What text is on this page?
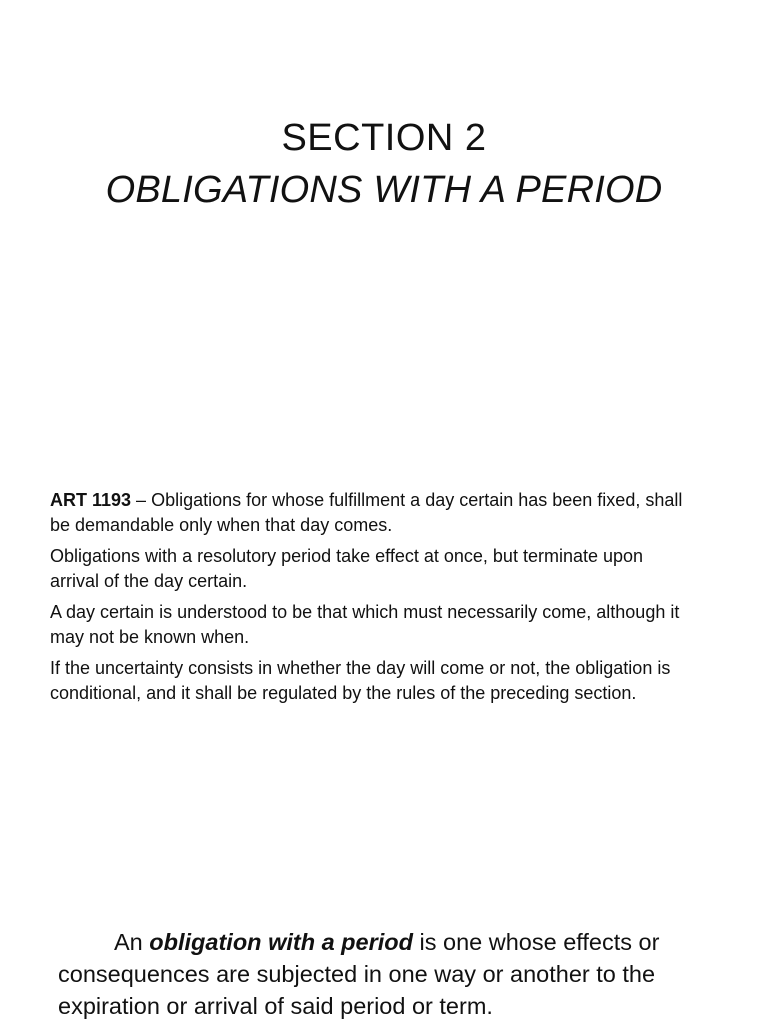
SECTION 2
OBLIGATIONS WITH A PERIOD

ART 1193 – Obligations for whose fulfillment a day certain has been fixed, shall be demandable only when that day comes.

Obligations with a resolutory period take effect at once, but terminate upon arrival of the day certain.

A day certain is understood to be that which must necessarily come, although it may not be known when.

If the uncertainty consists in whether the day will come or not, the obligation is conditional, and it shall be regulated by the rules of the preceding section.

An obligation with a period is one whose effects or consequences are subjected in one way or another to the expiration or arrival of said period or term.
